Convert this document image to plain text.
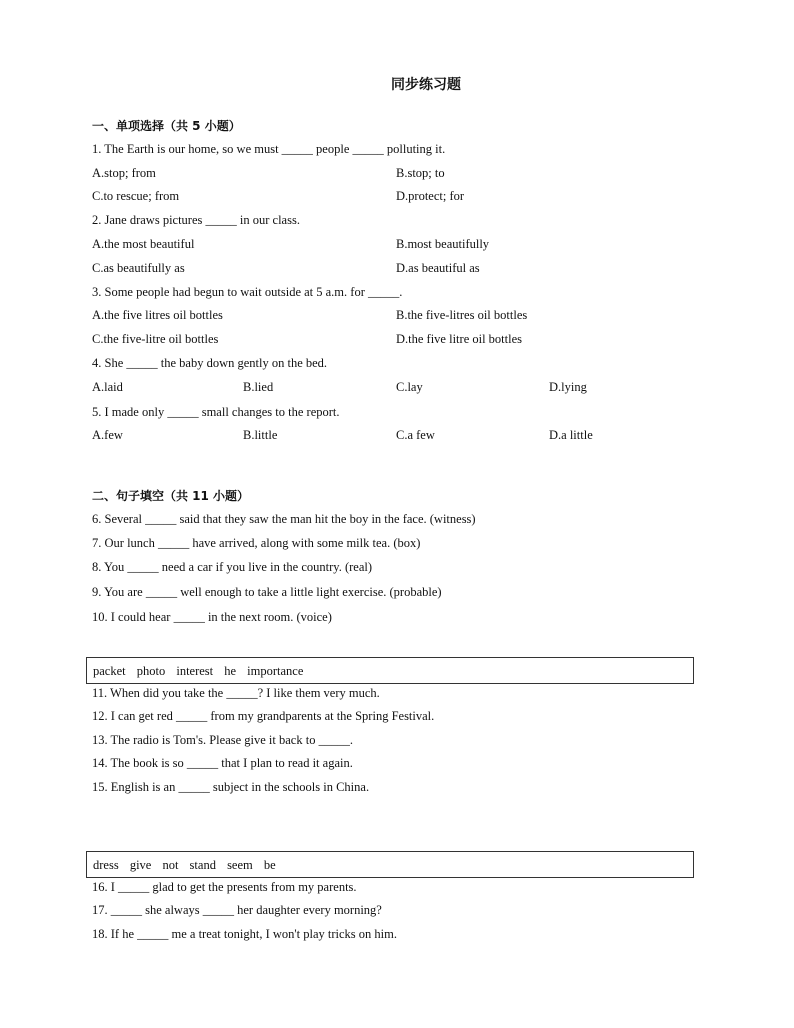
同步练习题
一、单项选择（共 5 小题）
1. The Earth is our home, so we must _____ people _____ polluting it.
A.stop; from	B.stop; to
C.to rescue; from	D.protect; for
2. Jane draws pictures _____ in our class.
A.the most beautiful	B.most beautifully
C.as beautifully as	D.as beautiful as
3. Some people had begun to wait outside at 5 a.m. for _____.
A.the five litres oil bottles	B.the five-litres oil bottles
C.the five-litre oil bottles	D.the five litre oil bottles
4. She _____ the baby down gently on the bed.
A.laid	B.lied	C.lay	D.lying
5. I made only _____ small changes to the report.
A.few	B.little	C.a few	D.a little
二、句子填空（共 11 小题）
6. Several _____ said that they saw the man hit the boy in the face. (witness)
7. Our lunch _____ have arrived, along with some milk tea. (box)
8. You _____ need a car if you live in the country. (real)
9. You are _____ well enough to take a little light exercise. (probable)
10. I could hear _____ in the next room. (voice)
packet photo interest he importance
11. When did you take the _____? I like them very much.
12. I can get red _____ from my grandparents at the Spring Festival.
13. The radio is Tom's. Please give it back to _____.
14. The book is so _____ that I plan to read it again.
15. English is an _____ subject in the schools in China.
dress give not stand seem be
16. I _____ glad to get the presents from my parents.
17. _____ she always _____ her daughter every morning?
18. If he _____ me a treat tonight, I won't play tricks on him.
